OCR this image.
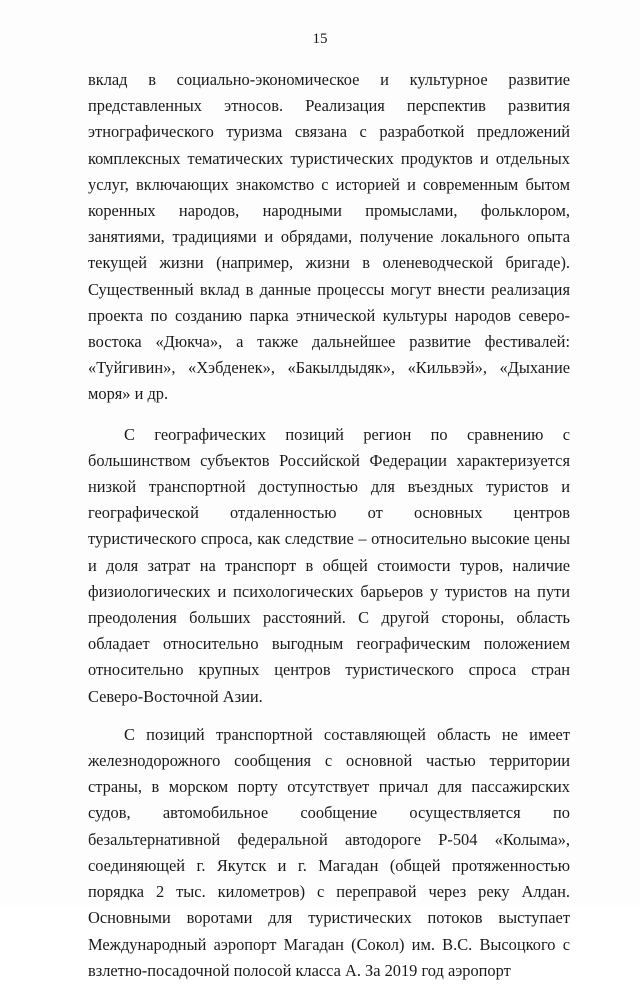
15

вклад в социально-экономическое и культурное развитие представленных этносов. Реализация перспектив развития этнографического туризма связана с разработкой предложений комплексных тематических туристических продуктов и отдельных услуг, включающих знакомство с историей и современным бытом коренных народов, народными промыслами, фольклором, занятиями, традициями и обрядами, получение локального опыта текущей жизни (например, жизни в оленеводческой бригаде). Существенный вклад в данные процессы могут внести реализация проекта по созданию парка этнической культуры народов северо-востока «Дюкча», а также дальнейшее развитие фестивалей: «Туйгивин», «Хэбденек», «Бакылдыдяк», «Кильвэй», «Дыхание моря» и др.

С географических позиций регион по сравнению с большинством субъектов Российской Федерации характеризуется низкой транспортной доступностью для въездных туристов и географической отдаленностью от основных центров туристического спроса, как следствие – относительно высокие цены и доля затрат на транспорт в общей стоимости туров, наличие физиологических и психологических барьеров у туристов на пути преодоления больших расстояний. С другой стороны, область обладает относительно выгодным географическим положением относительно крупных центров туристического спроса стран Северо-Восточной Азии.

С позиций транспортной составляющей область не имеет железнодорожного сообщения с основной частью территории страны, в морском порту отсутствует причал для пассажирских судов, автомобильное сообщение осуществляется по безальтернативной федеральной автодороге Р-504 «Колыма», соединяющей г. Якутск и г. Магадан (общей протяженностью порядка 2 тыс. километров) с переправой через реку Алдан. Основными воротами для туристических потоков выступает Международный аэропорт Магадан (Сокол) им. В.С. Высоцкого с взлетно-посадочной полосой класса А. За 2019 год аэропорт
